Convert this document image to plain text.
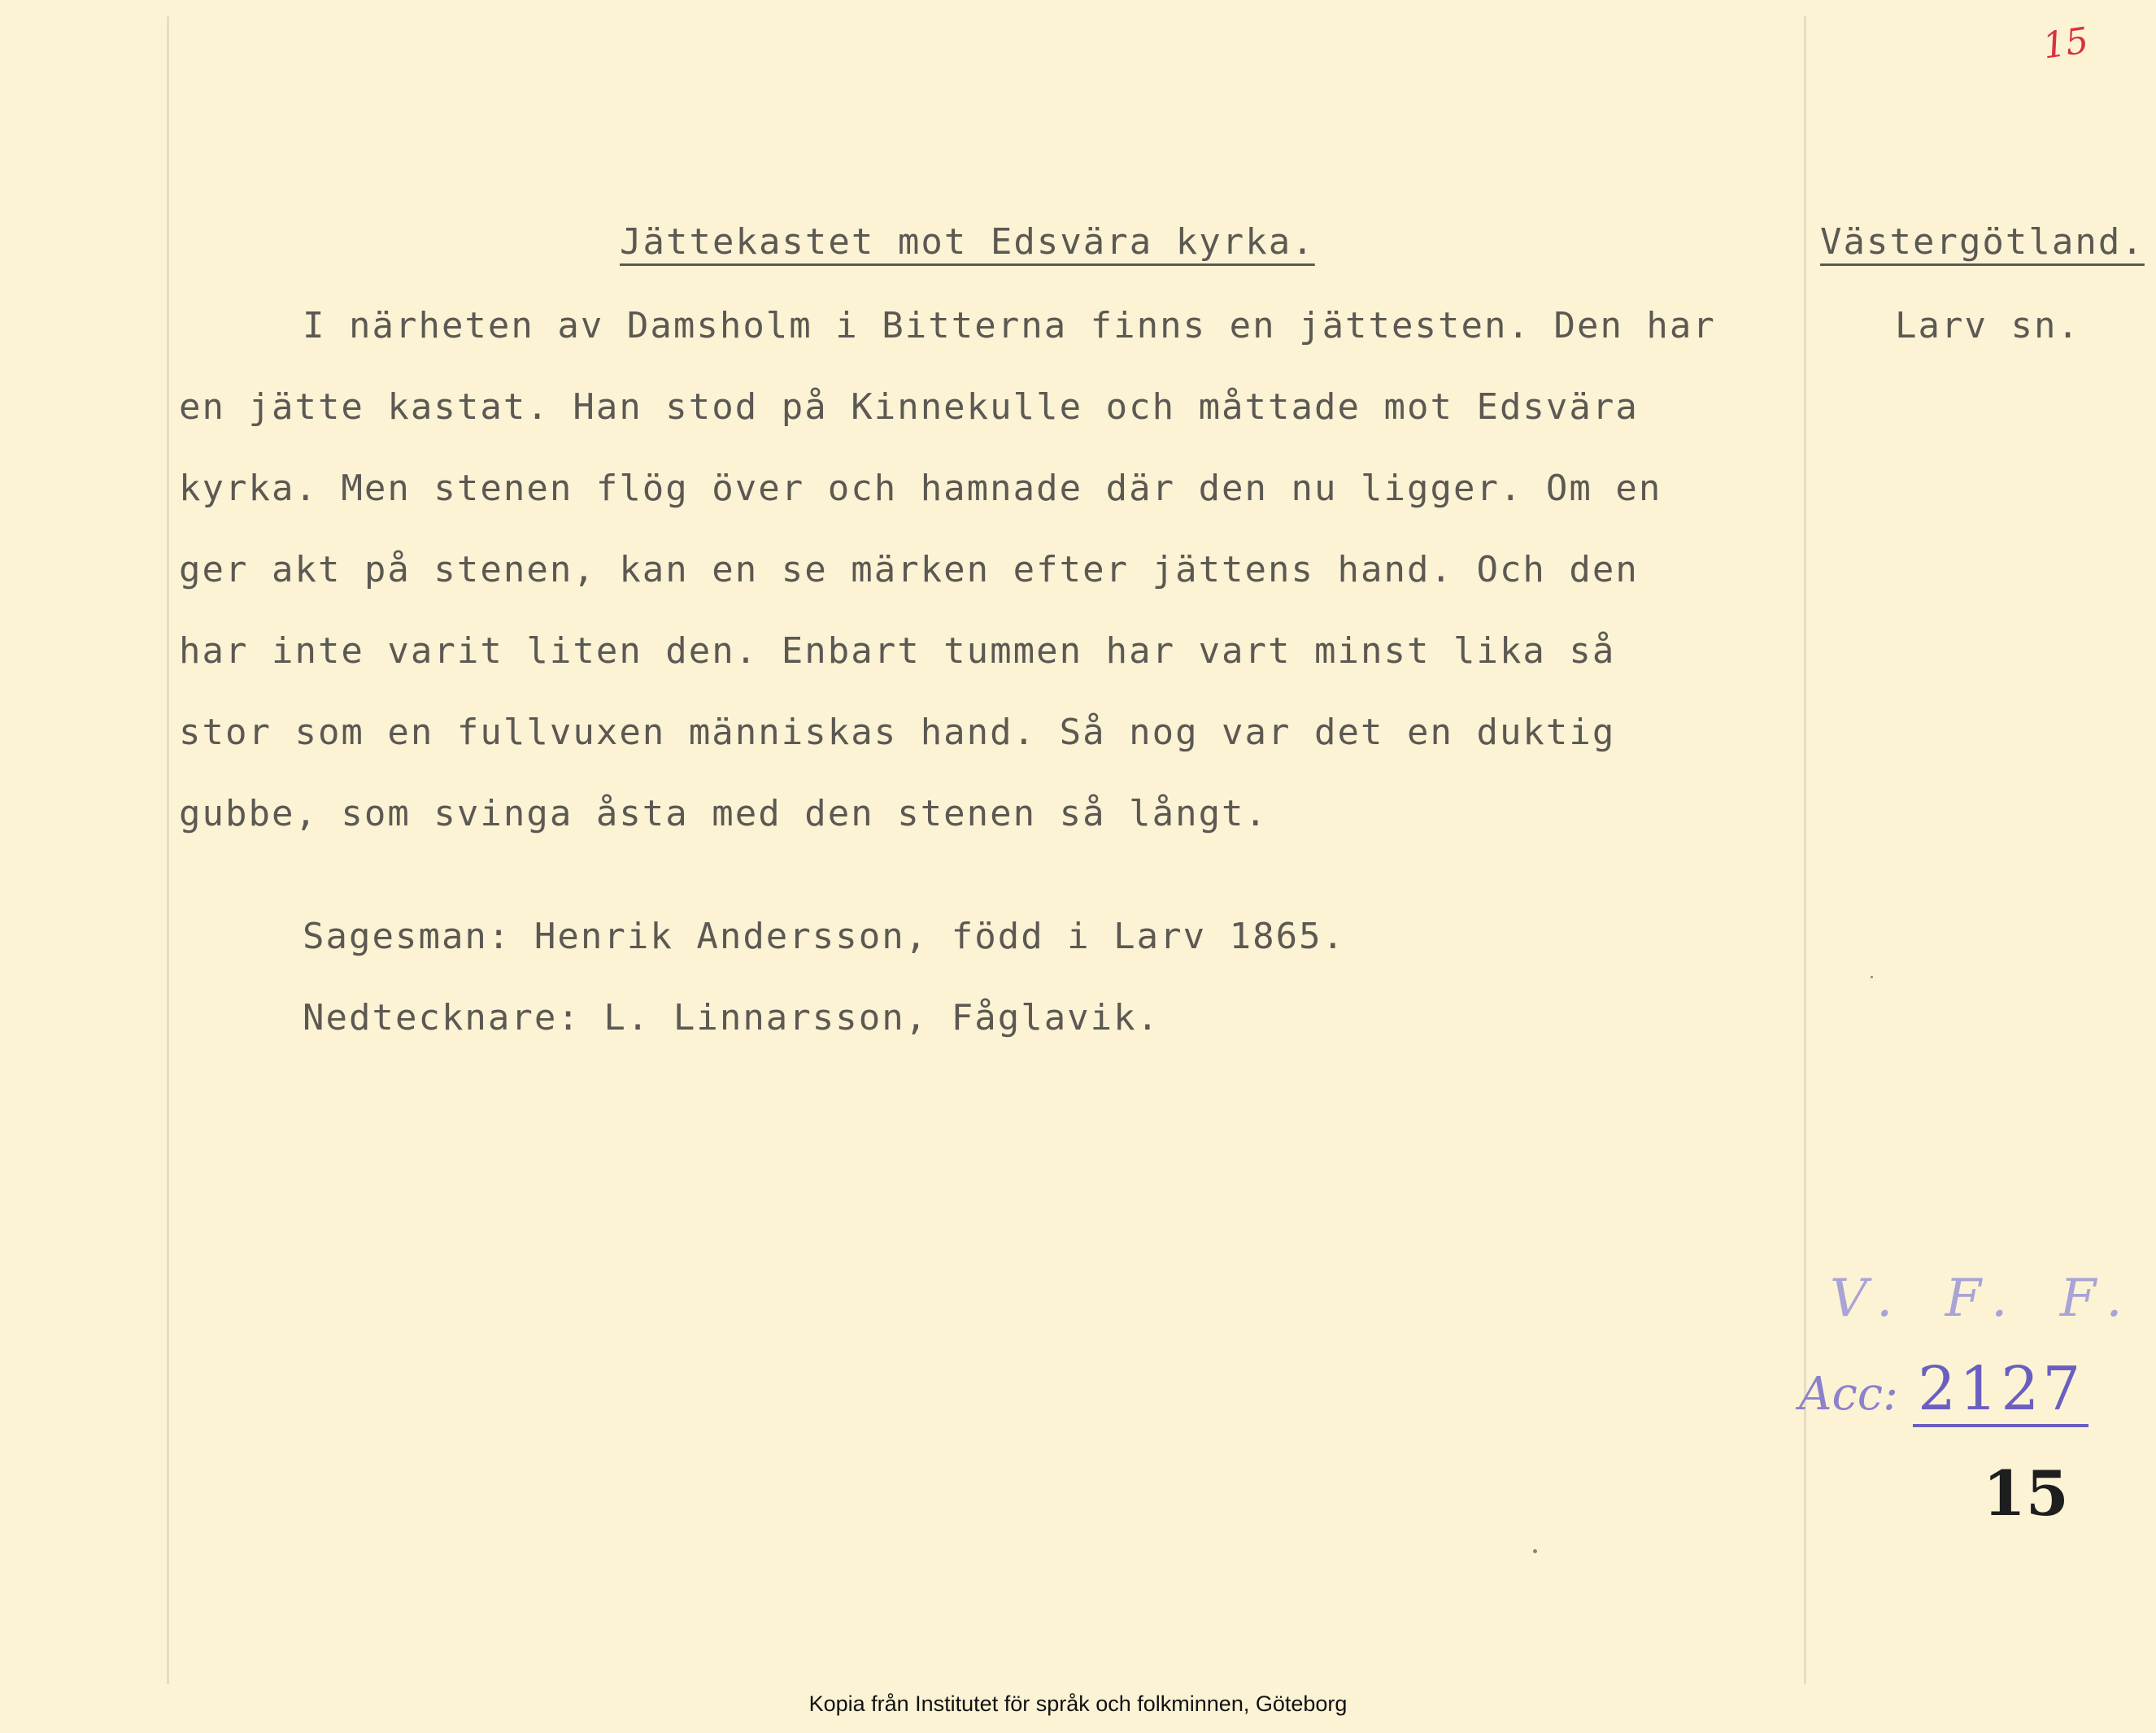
15
Jättekastet mot Edsvära kyrka.	Västergötland.
Larv sn.
I närheten av Damsholm i Bitterna finns en jättesten. Den har
en jätte kastat. Han stod på Kinnekulle och måttade mot Edsvära
kyrka. Men stenen flög över och hamnade där den nu ligger. Om en
ger akt på stenen, kan en se märken efter jättens hand. Och den
har inte varit liten den. Enbart tummen har vart minst lika så
stor som en fullvuxen människas hand. Så nog var det en duktig
gubbe, som svinga åsta med den stenen så långt.
Sagesman: Henrik Andersson, född i Larv 1865.
Nedtecknare: L. Linnarsson, Fåglavik.
V. F. F.
Acc: 2127
15
Kopia från Institutet för språk och folkminnen, Göteborg
